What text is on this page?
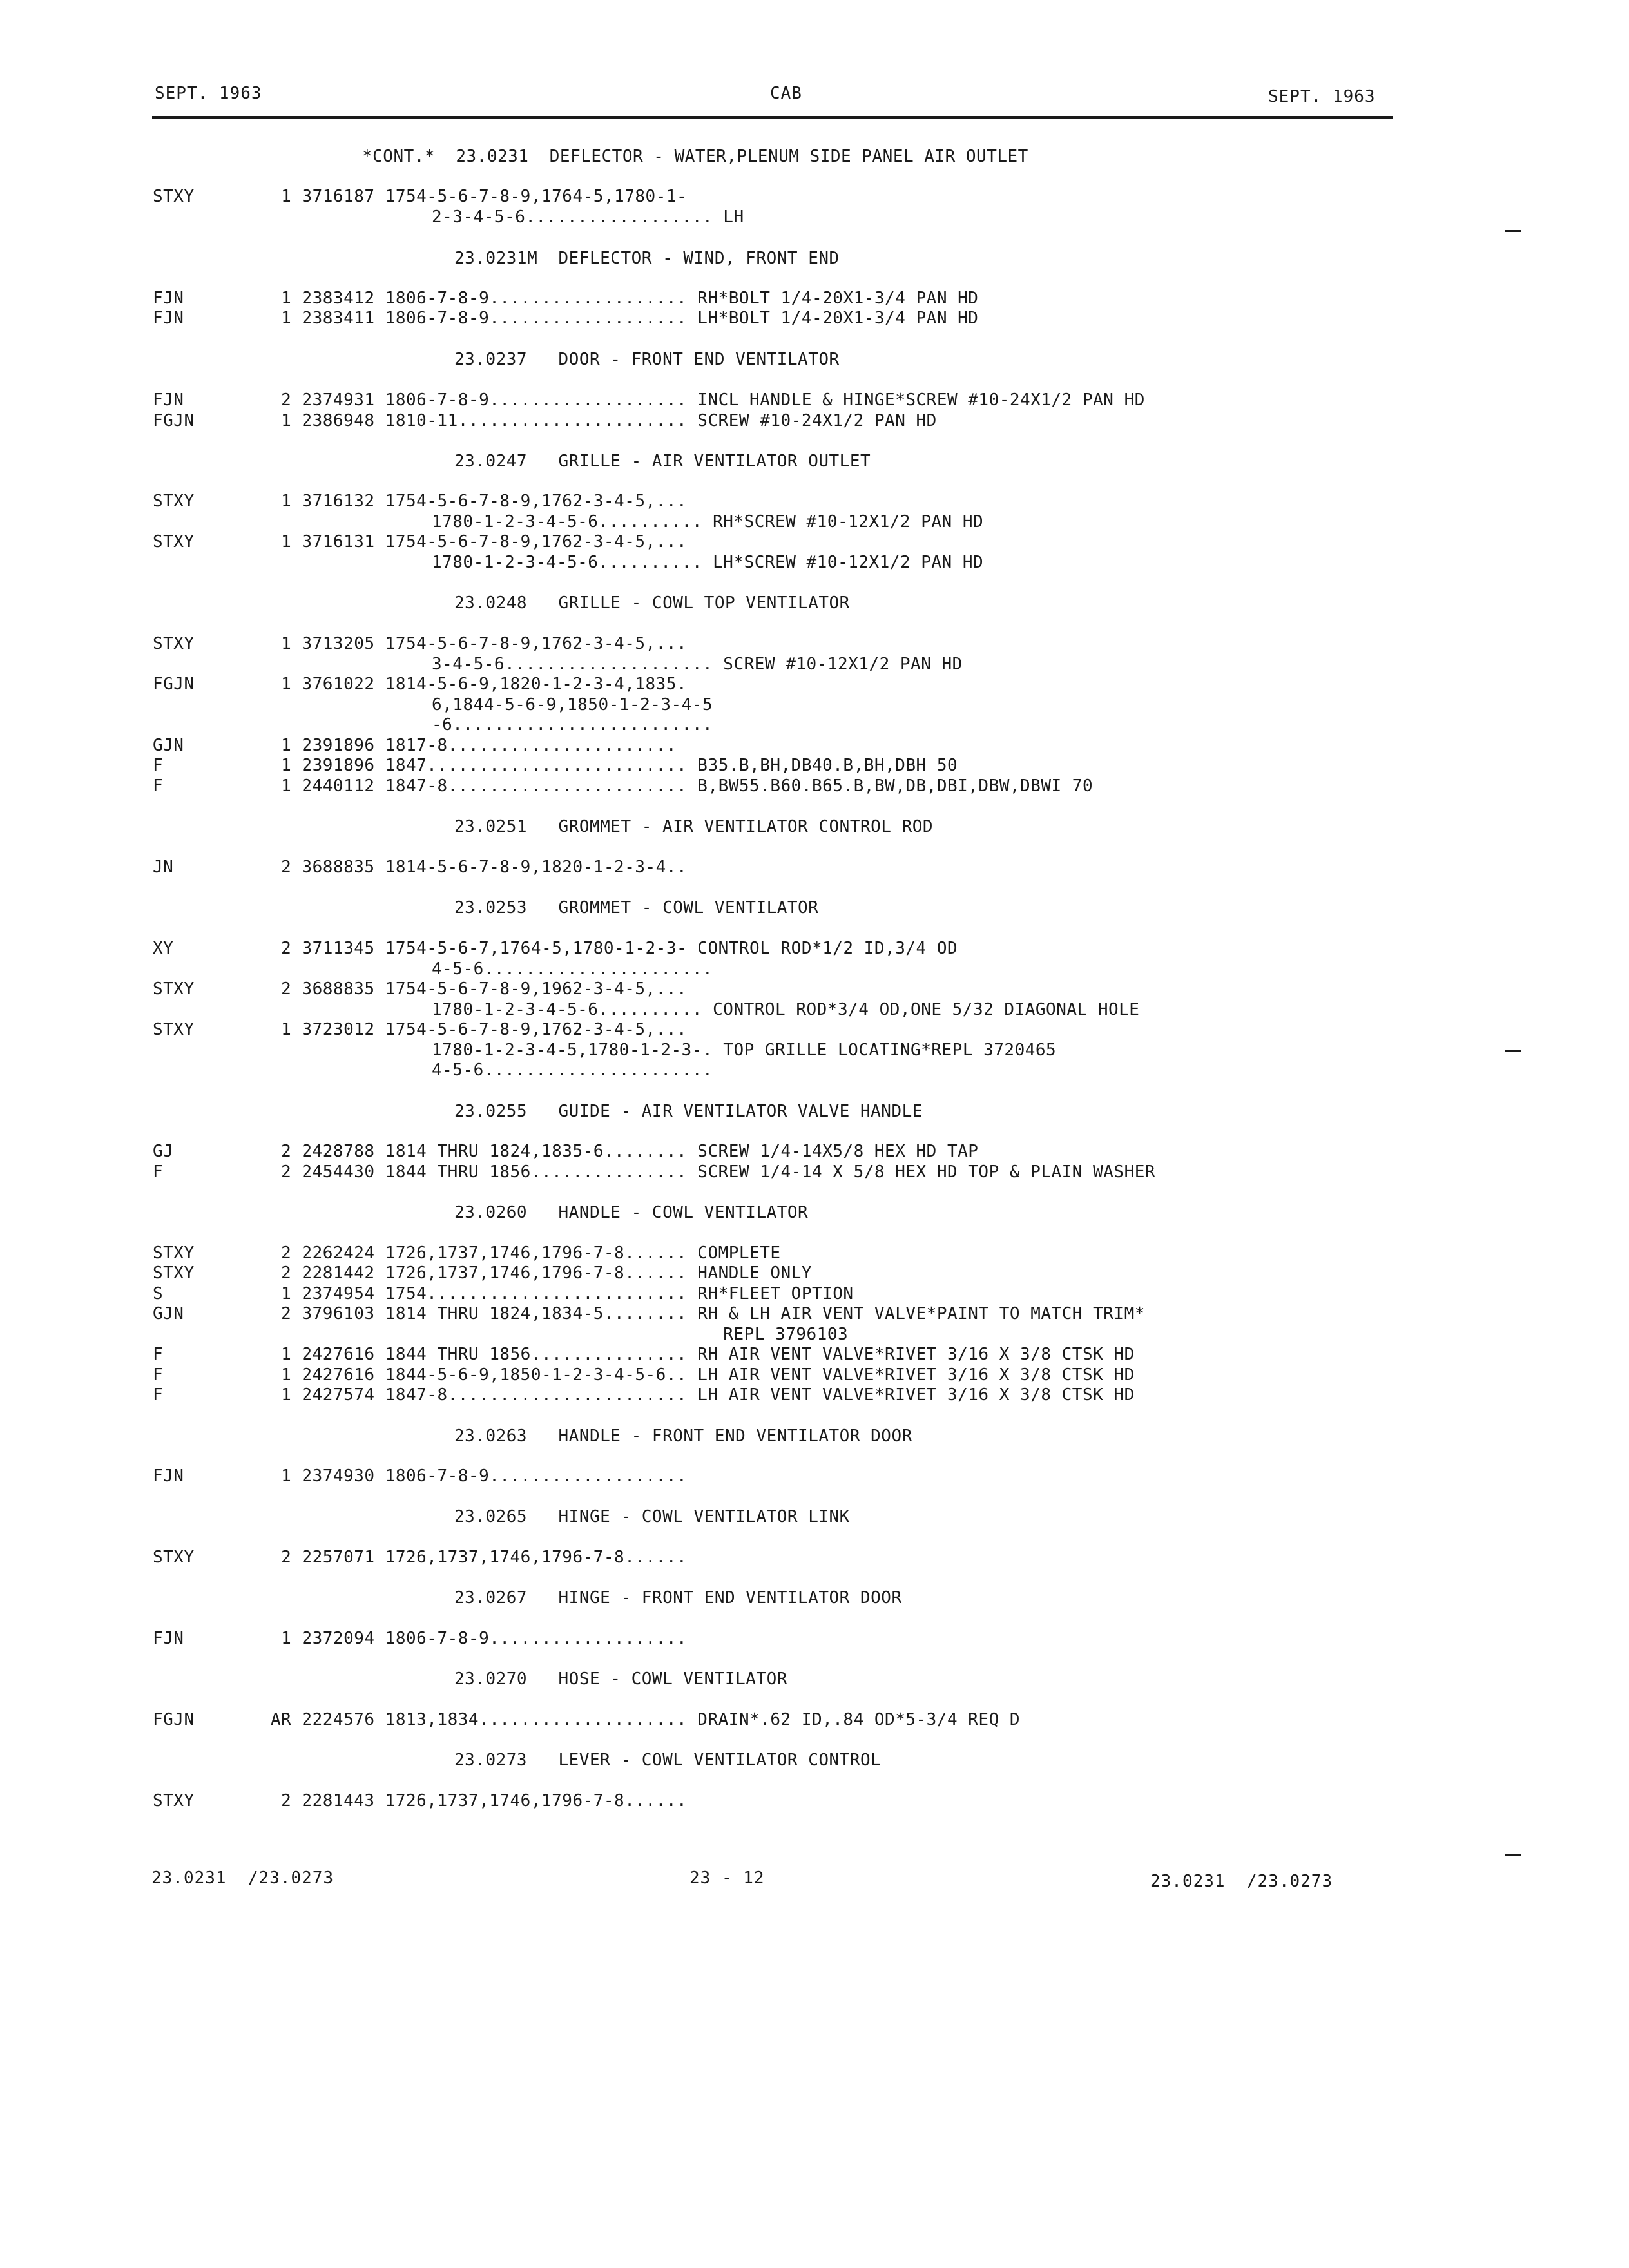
SEPT. 1963	CAB	SEPT. 1963
*CONT.*  23.0231  DEFLECTOR - WATER,PLENUM SIDE PANEL AIR OUTLET
STXY	1 3716187 1754-5-6-7-8-9,1764-5,1780-1-
2-3-4-5-6.................. LH
23.0231M  DEFLECTOR - WIND, FRONT END
FJN	1 2383412 1806-7-8-9................... RH*BOLT 1/4-20X1-3/4 PAN HD
FJN	1 2383411 1806-7-8-9................... LH*BOLT 1/4-20X1-3/4 PAN HD
23.0237   DOOR - FRONT END VENTILATOR
FJN	2 2374931 1806-7-8-9................... INCL HANDLE & HINGE*SCREW #10-24X1/2 PAN HD
FGJN	1 2386948 1810-11...................... SCREW #10-24X1/2 PAN HD
23.0247   GRILLE - AIR VENTILATOR OUTLET
STXY	1 3716132 1754-5-6-7-8-9,1762-3-4-5,...
1780-1-2-3-4-5-6.......... RH*SCREW #10-12X1/2 PAN HD
STXY	1 3716131 1754-5-6-7-8-9,1762-3-4-5,...
1780-1-2-3-4-5-6.......... LH*SCREW #10-12X1/2 PAN HD
23.0248   GRILLE - COWL TOP VENTILATOR
STXY	1 3713205 1754-5-6-7-8-9,1762-3-4-5,...
3-4-5-6.................... SCREW #10-12X1/2 PAN HD
FGJN	1 3761022 1814-5-6-9,1820-1-2-3-4,1835.
6,1844-5-6-9,1850-1-2-3-4-5
-6.........................
GJN	1 2391896 1817-8......................
F	1 2391896 1847......................... B35.B,BH,DB40.B,BH,DBH 50
F	1 2440112 1847-8....................... B,BW55.B60.B65.B,BW,DB,DBI,DBW,DBWI 70
23.0251   GROMMET - AIR VENTILATOR CONTROL ROD
JN	2 3688835 1814-5-6-7-8-9,1820-1-2-3-4..
23.0253   GROMMET - COWL VENTILATOR
XY	2 3711345 1754-5-6-7,1764-5,1780-1-2-3- CONTROL ROD*1/2 ID,3/4 OD
4-5-6......................
STXY	2 3688835 1754-5-6-7-8-9,1962-3-4-5,...
1780-1-2-3-4-5-6.......... CONTROL ROD*3/4 OD,ONE 5/32 DIAGONAL HOLE
STXY	1 3723012 1754-5-6-7-8-9,1762-3-4-5,...
1780-1-2-3-4-5,1780-1-2-3-. TOP GRILLE LOCATING*REPL 3720465
4-5-6......................
23.0255   GUIDE - AIR VENTILATOR VALVE HANDLE
GJ	2 2428788 1814 THRU 1824,1835-6........ SCREW 1/4-14X5/8 HEX HD TAP
F	2 2454430 1844 THRU 1856............... SCREW 1/4-14 X 5/8 HEX HD TOP & PLAIN WASHER
23.0260   HANDLE - COWL VENTILATOR
STXY	2 2262424 1726,1737,1746,1796-7-8...... COMPLETE
STXY	2 2281442 1726,1737,1746,1796-7-8...... HANDLE ONLY
S	1 2374954 1754......................... RH*FLEET OPTION
GJN	2 3796103 1814 THRU 1824,1834-5........ RH & LH AIR VENT VALVE*PAINT TO MATCH TRIM*
REPL 3796103
F	1 2427616 1844 THRU 1856............... RH AIR VENT VALVE*RIVET 3/16 X 3/8 CTSK HD
F	1 2427616 1844-5-6-9,1850-1-2-3-4-5-6.. LH AIR VENT VALVE*RIVET 3/16 X 3/8 CTSK HD
F	1 2427574 1847-8....................... LH AIR VENT VALVE*RIVET 3/16 X 3/8 CTSK HD
23.0263   HANDLE - FRONT END VENTILATOR DOOR
FJN	1 2374930 1806-7-8-9...................
23.0265   HINGE - COWL VENTILATOR LINK
STXY	2 2257071 1726,1737,1746,1796-7-8......
23.0267   HINGE - FRONT END VENTILATOR DOOR
FJN	1 2372094 1806-7-8-9...................
23.0270   HOSE - COWL VENTILATOR
FGJN	AR 2224576 1813,1834.................... DRAIN*.62 ID,.84 OD*5-3/4 REQ D
23.0273   LEVER - COWL VENTILATOR CONTROL
STXY	2 2281443 1726,1737,1746,1796-7-8......
23.0231  /23.0273	23 - 12	23.0231  /23.0273
